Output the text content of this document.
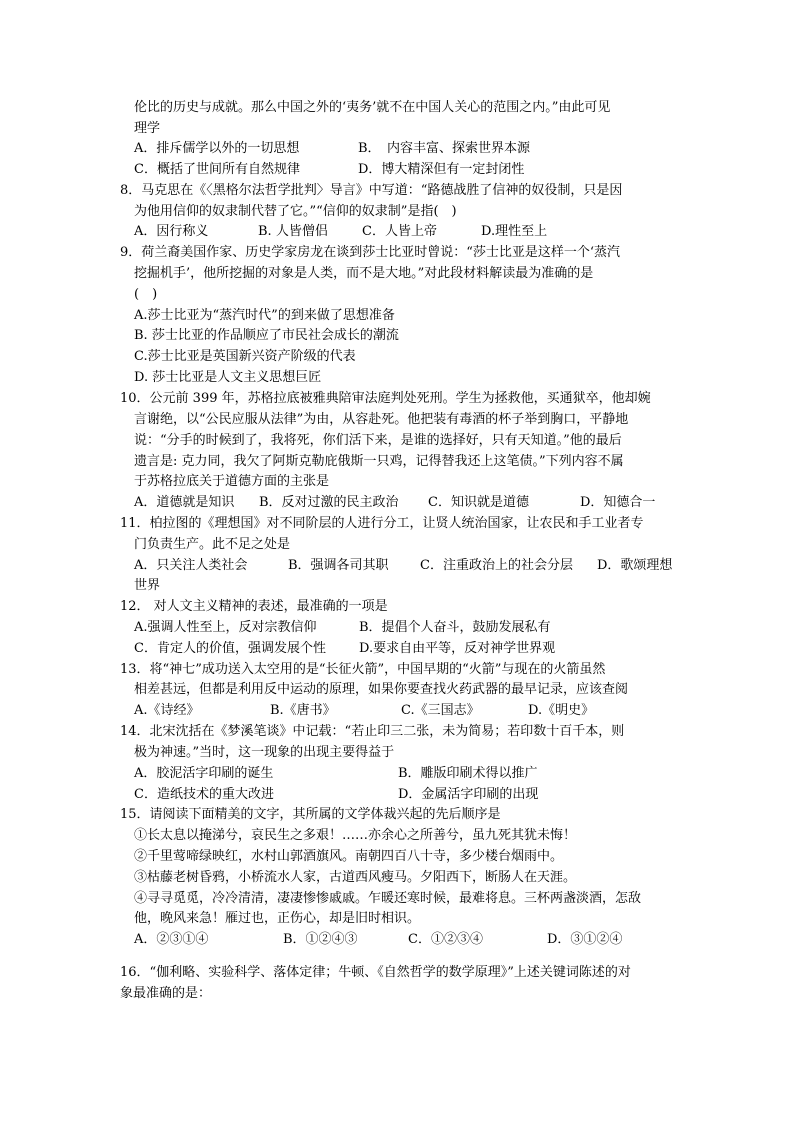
伦比的历史与成就。那么中国之外的‘夷务’就不在中国人关心的范围之内。”由此可见
理学
A．排斥儒学以外的一切思想	B．　内容丰富、探索世界本源
C．概括了世间所有自然规律	D．博大精深但有一定封闭性
8．马克思在《〈黑格尔法哲学批判〉导言》中写道：“路德战胜了信神的奴役制，只是因
为他用信仰的奴隶制代替了它。”“信仰的奴隶制”是指(　)
A．因行称义	B. 人皆僧侣	C．人皆上帝	D.理性至上
9．荷兰裔美国作家、历史学家房龙在谈到莎士比亚时曾说：“莎士比亚是这样一个‘蒸汽
挖掘机手’，他所挖掘的对象是人类，而不是大地。”对此段材料解读最为准确的是
(　)
A.莎士比亚为“蒸汽时代”的到来做了思想准备
B. 莎士比亚的作品顺应了市民社会成长的潮流
C.莎士比亚是英国新兴资产阶级的代表
D. 莎士比亚是人文主义思想巨匠
10．公元前 399 年，苏格拉底被雅典陪审法庭判处死刑。学生为拯救他，买通狱卒，他却婉
言谢绝，以“公民应服从法律”为由，从容赴死。他把装有毒酒的杯子举到胸口，平静地
说：“分手的时候到了，我将死，你们活下来，是谁的选择好，只有天知道。”他的最后
遗言是: 克力同，我欠了阿斯克勒庇俄斯一只鸡，记得替我还上这笔债。”下列内容不属
于苏格拉底关于道德方面的主张是
A．道德就是知识 B．反对过激的民主政治 C．知识就是道德	D．知德合一
11．柏拉图的《理想国》对不同阶层的人进行分工，让贤人统治国家，让农民和手工业者专
门负责生产。此不足之处是
A．只关注人类社会	B．强调各司其职 C．注重政治上的社会分层 D．歌颂理想
世界
12． 对人文主义精神的表述，最准确的一项是
A.强调人性至上，反对宗教信仰	B．提倡个人奋斗，鼓励发展私有
C．肯定人的价值，强调发展个性	D.要求自由平等，反对神学世界观
13．将“神七”成功送入太空用的是“长征火箭”，中国早期的“火箭”与现在的火箭虽然
相差甚远，但都是利用反中运动的原理，如果你要查找火药武器的最早记录，应该查阅
A.《诗经》	B.《唐书》	C.《三国志》	D.《明史》
14．北宋沈括在《梦溪笔谈》中记载：“若止印三二张，未为简易；若印数十百千本，则
极为神速。”当时，这一现象的出现主要得益于
A．胶泥活字印刷的诞生	B．雕版印刷术得以推广
C．造纸技术的重大改进	D．金属活字印刷的出现
15．请阅读下面精美的文字，其所属的文学体裁兴起的先后顺序是
①长太息以掩涕兮，哀民生之多艰！……亦余心之所善兮，虽九死其犹未悔！
②千里莺啼绿映红，水村山郭酒旗风。南朝四百八十寺，多少楼台烟雨中。
③枯藤老树昏鸦，小桥流水人家，古道西风瘦马。夕阳西下，断肠人在天涯。
④寻寻觅觅，冷冷清清，凄凄惨惨戚戚。乍暖还寒时候，最难将息。三杯两盏淡酒，怎敌
他，晚风来急！雁过也，正伤心，却是旧时相识。
A．②③①④	B．①②④③	C．①②③④	D．③①②④
16．“伽利略、实验科学、落体定律；牛顿、《自然哲学的数学原理》”上述关键词陈述的对
象最准确的是：
